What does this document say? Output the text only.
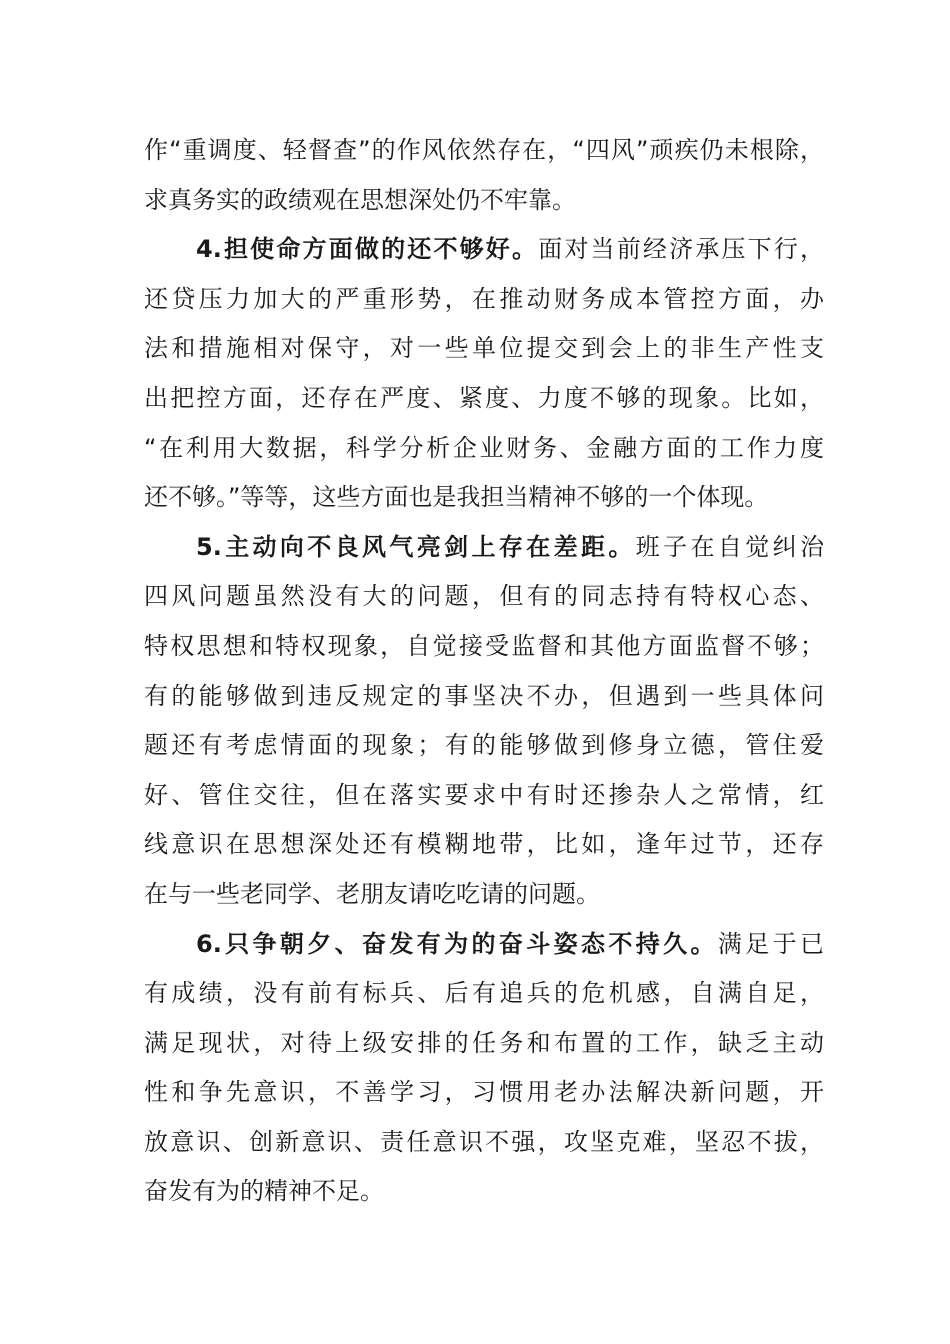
作“重调度、轻督查”的作风依然存在，“四风”顽疾仍未根除，
求真务实的政绩观在思想深处仍不牢靠。
4.担使命方面做的还不够好。面对当前经济承压下行，
还贷压力加大的严重形势，在推动财务成本管控方面，办
法和措施相对保守，对一些单位提交到会上的非生产性支
出把控方面，还存在严度、紧度、力度不够的现象。比如，
“在利用大数据，科学分析企业财务、金融方面的工作力度
还不够。”等等，这些方面也是我担当精神不够的一个体现。
5.主动向不良风气亮剑上存在差距。班子在自觉纠治
四风问题虽然没有大的问题，但有的同志持有特权心态、
特权思想和特权现象，自觉接受监督和其他方面监督不够；
有的能够做到违反规定的事坚决不办，但遇到一些具体问
题还有考虑情面的现象；有的能够做到修身立德，管住爱
好、管住交往，但在落实要求中有时还掺杂人之常情，红
线意识在思想深处还有模糊地带，比如，逢年过节，还存
在与一些老同学、老朋友请吃吃请的问题。
6.只争朝夕、奋发有为的奋斗姿态不持久。满足于已
有成绩，没有前有标兵、后有追兵的危机感，自满自足，
满足现状，对待上级安排的任务和布置的工作，缺乏主动
性和争先意识，不善学习，习惯用老办法解决新问题，开
放意识、创新意识、责任意识不强，攻坚克难，坚忍不拔，
奋发有为的精神不足。
